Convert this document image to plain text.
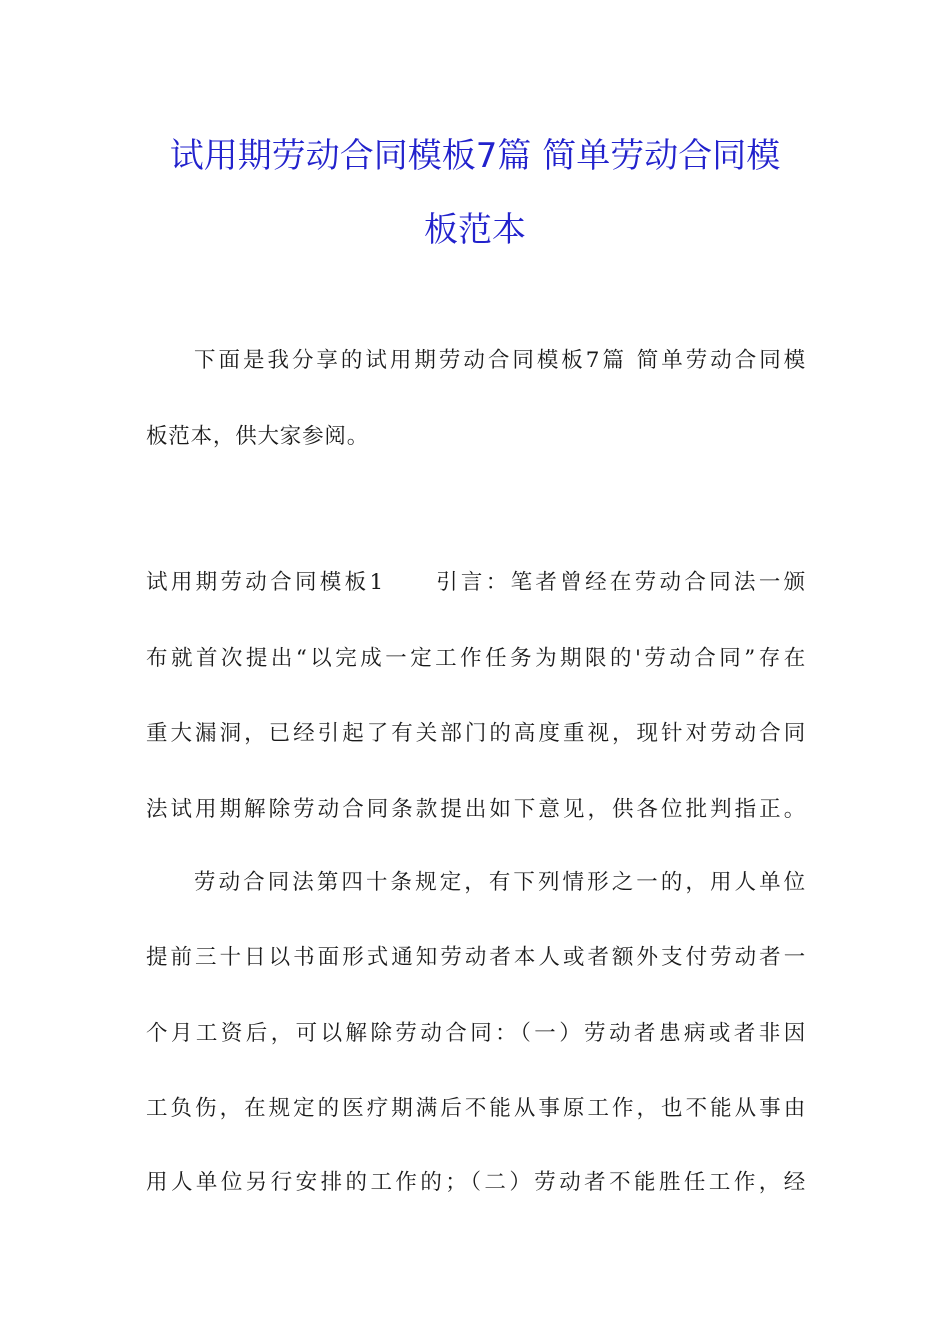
试用期劳动合同模板7篇 简单劳动合同模
板范本
下面是我分享的试用期劳动合同模板7篇 简单劳动合同模
板范本，供大家参阅。
试用期劳动合同模板1　　引言：笔者曾经在劳动合同法一颁
布就首次提出“以完成一定工作任务为期限的'劳动合同”存在
重大漏洞，已经引起了有关部门的高度重视，现针对劳动合同
法试用期解除劳动合同条款提出如下意见，供各位批判指正。
劳动合同法第四十条规定，有下列情形之一的，用人单位
提前三十日以书面形式通知劳动者本人或者额外支付劳动者一
个月工资后，可以解除劳动合同：（一）劳动者患病或者非因
工负伤，在规定的医疗期满后不能从事原工作，也不能从事由
用人单位另行安排的工作的；（二）劳动者不能胜任工作，经
